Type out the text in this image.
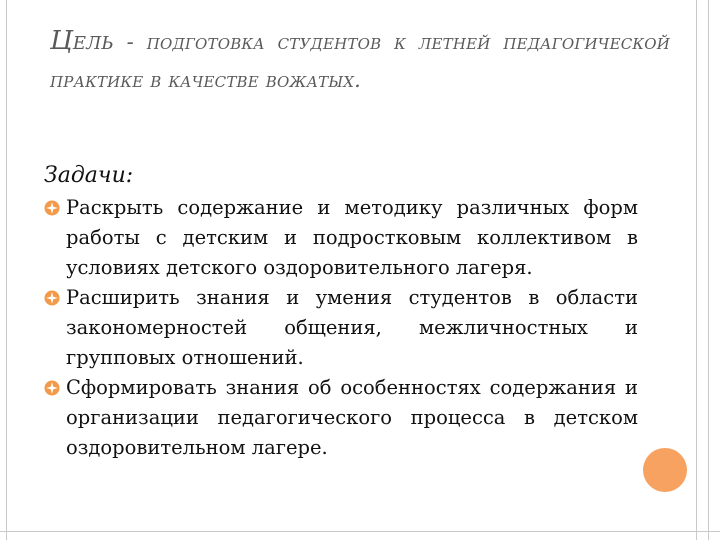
Цель - подготовка студентов к летней педагогической практике в качестве вожатых.
Задачи:
Раскрыть содержание и методику различных форм работы с детским и подростковым коллективом в условиях детского оздоровительного лагеря.
Расширить знания и умения студентов в области закономерностей общения, межличностных и групповых отношений.
Сформировать знания об особенностях содержания и организации педагогического процесса в детском оздоровительном лагере.
